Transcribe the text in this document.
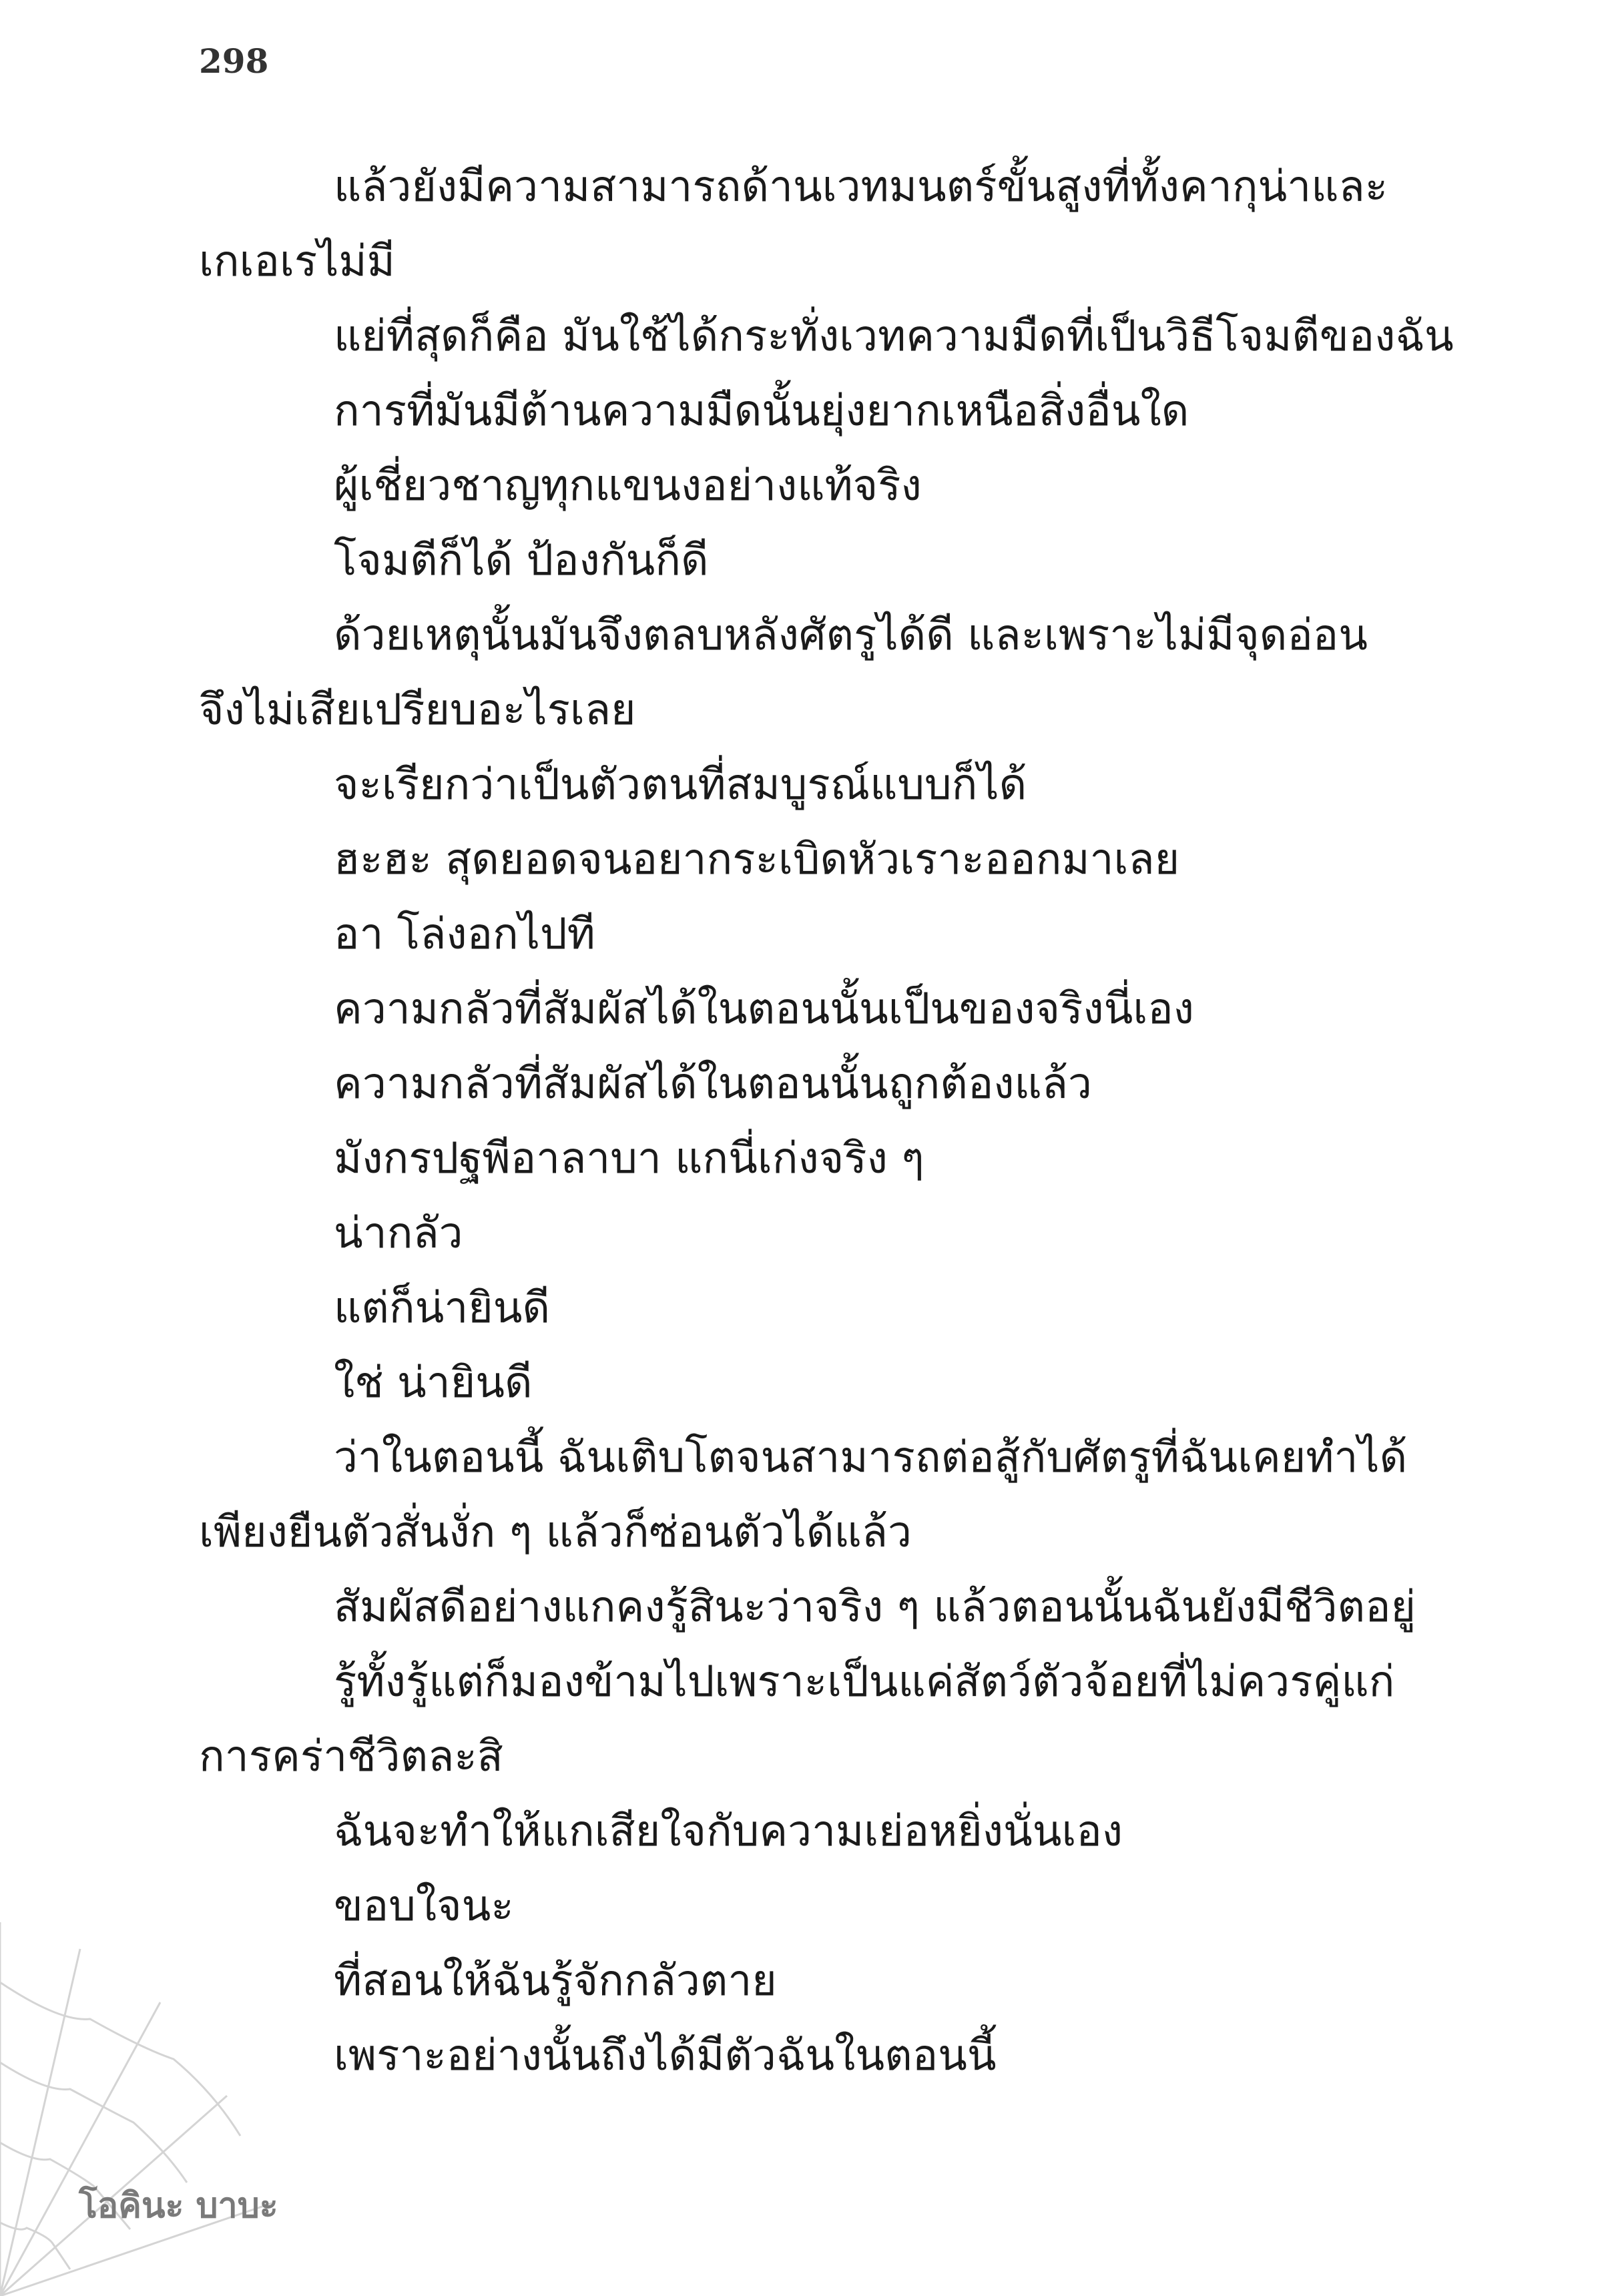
298
แล้วยังมีความสามารถด้านเวทมนตร์ขั้นสูงที่ทั้งคากุน่าและ
เกเอเรไม่มี
แย่ที่สุดก็คือ มันใช้ได้กระทั่งเวทความมืดที่เป็นวิธีโจมตีของฉัน
การที่มันมีต้านความมืดนั้นยุ่งยากเหนือสิ่งอื่นใด
ผู้เชี่ยวชาญทุกแขนงอย่างแท้จริง
โจมตีก็ได้ ป้องกันก็ดี
ด้วยเหตุนั้นมันจึงตลบหลังศัตรูได้ดี และเพราะไม่มีจุดอ่อน
จึงไม่เสียเปรียบอะไรเลย
จะเรียกว่าเป็นตัวตนที่สมบูรณ์แบบก็ได้
ฮะฮะ สุดยอดจนอยากระเบิดหัวเราะออกมาเลย
อา โล่งอกไปที
ความกลัวที่สัมผัสได้ในตอนนั้นเป็นของจริงนี่เอง
ความกลัวที่สัมผัสได้ในตอนนั้นถูกต้องแล้ว
มังกรปฐพีอาลาบา แกนี่เก่งจริง ๆ
น่ากลัว
แต่ก็น่ายินดี
ใช่ น่ายินดี
ว่าในตอนนี้ ฉันเติบโตจนสามารถต่อสู้กับศัตรูที่ฉันเคยทำได้
เพียงยืนตัวสั่นงั่ก ๆ แล้วก็ซ่อนตัวได้แล้ว
สัมผัสดีอย่างแกคงรู้สินะว่าจริง ๆ แล้วตอนนั้นฉันยังมีชีวิตอยู่
รู้ทั้งรู้แต่ก็มองข้ามไปเพราะเป็นแค่สัตว์ตัวจ้อยที่ไม่ควรคู่แก่
การคร่าชีวิตละสิ
ฉันจะทำให้แกเสียใจกับความเย่อหยิ่งนั่นเอง
ขอบใจนะ
ที่สอนให้ฉันรู้จักกลัวตาย
เพราะอย่างนั้นถึงได้มีตัวฉันในตอนนี้
โอคินะ บาบะ
